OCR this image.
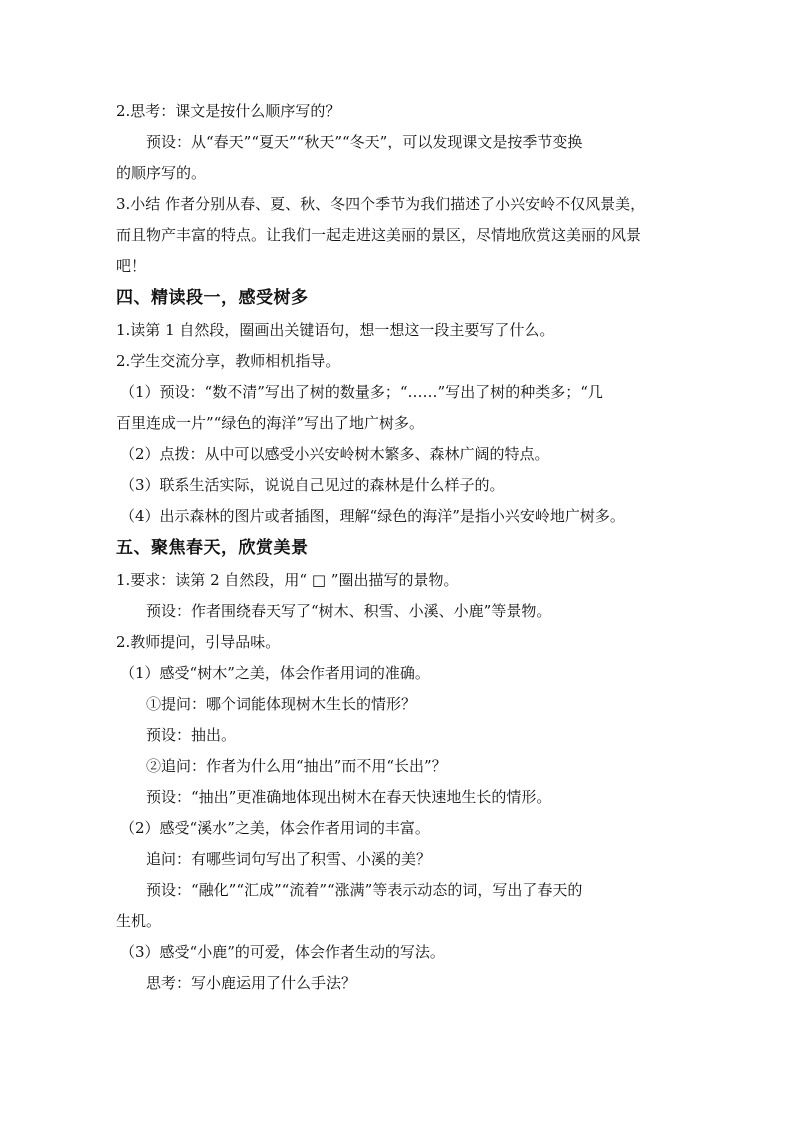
2.思考：课文是按什么顺序写的？

预设：从“春天”“夏天”“秋天”“冬天”，可以发现课文是按季节变换

的顺序写的。

3.小结 作者分别从春、夏、秋、冬四个季节为我们描述了小兴安岭不仅风景美，

而且物产丰富的特点。让我们一起走进这美丽的景区，尽情地欣赏这美丽的风景

吧！

四、精读段一，感受树多

1.读第 1 自然段，圈画出关键语句，想一想这一段主要写了什么。

2.学生交流分享，教师相机指导。

（1）预设：“数不清”写出了树的数量多；“……”写出了树的种类多；“几

百里连成一片”“绿色的海洋”写出了地广树多。

（2）点拨：从中可以感受小兴安岭树木繁多、森林广阔的特点。

（3）联系生活实际，说说自己见过的森林是什么样子的。

（4）出示森林的图片或者插图，理解“绿色的海洋”是指小兴安岭地广树多。

五、聚焦春天，欣赏美景

1.要求：读第 2 自然段，用“ □ ”圈出描写的景物。

预设：作者围绕春天写了“树木、积雪、小溪、小鹿”等景物。

2.教师提问，引导品味。

（1）感受“树木”之美，体会作者用词的准确。

①提问：哪个词能体现树木生长的情形？

预设：抽出。

②追问：作者为什么用“抽出”而不用“长出”？

预设：“抽出”更准确地体现出树木在春天快速地生长的情形。

（2）感受“溪水”之美，体会作者用词的丰富。

追问：有哪些词句写出了积雪、小溪的美？

预设：“融化”“汇成”“流着”“涨满”等表示动态的词，写出了春天的

生机。

（3）感受“小鹿”的可爱，体会作者生动的写法。

思考：写小鹿运用了什么手法？
